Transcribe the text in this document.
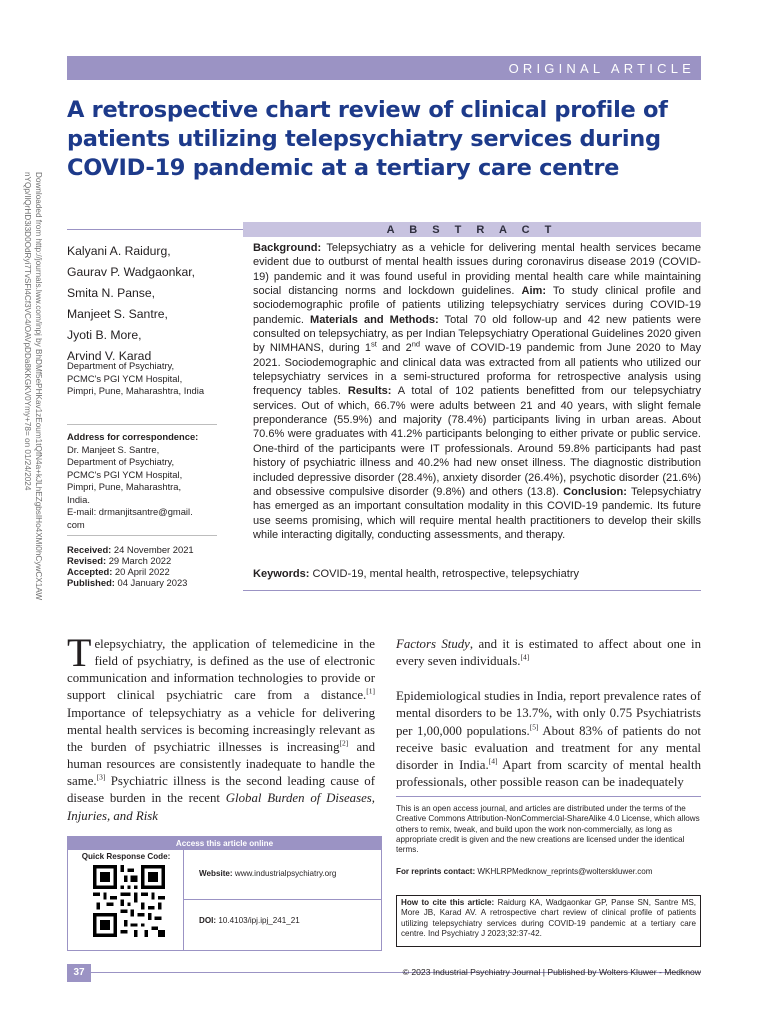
Downloaded from http://journals.lww.com/inpj by BhDMf5ePHKav1zEoum1tQfN4a+kJLhEZgbsIHo4XMi0hCywCX1AW
nYQp/IlQrHD3i3D0OdRyi7TvSFl4Cf3VC4/OAVpDDa8KKGKV0Ymy+78= on 01/24/2024
ORIGINAL ARTICLE
A retrospective chart review of clinical profile of patients utilizing telepsychiatry services during COVID-19 pandemic at a tertiary care centre
A B S T R A C T
Kalyani A. Raidurg,
Gaurav P. Wadgaonkar,
Smita N. Panse,
Manjeet S. Santre,
Jyoti B. More,
Arvind V. Karad
Department of Psychiatry,
PCMC's PGI YCM Hospital,
Pimpri, Pune, Maharashtra, India
Address for correspondence:
Dr. Manjeet S. Santre,
Department of Psychiatry,
PCMC's PGI YCM Hospital,
Pimpri, Pune, Maharashtra,
India.
E-mail: drmanjitsantre@gmail.
com
Received: 24 November 2021
Revised: 29 March 2022
Accepted: 20 April 2022
Published: 04 January 2023
Background: Telepsychiatry as a vehicle for delivering mental health services became evident due to outburst of mental health issues during coronavirus disease 2019 (COVID-19) pandemic and it was found useful in providing mental health care while maintaining social distancing norms and lockdown guidelines. Aim: To study clinical profile and sociodemographic profile of patients utilizing telepsychiatry services during COVID-19 pandemic. Materials and Methods: Total 70 old follow-up and 42 new patients were consulted on telepsychiatry, as per Indian Telepsychiatry Operational Guidelines 2020 given by NIMHANS, during 1st and 2nd wave of COVID-19 pandemic from June 2020 to May 2021. Sociodemographic and clinical data was extracted from all patients who utilized our telepsychiatry services in a semi-structured proforma for retrospective analysis using frequency tables. Results: A total of 102 patients benefitted from our telepsychiatry services. Out of which, 66.7% were adults between 21 and 40 years, with slight female preponderance (55.9%) and majority (78.4%) participants living in urban areas. About 70.6% were graduates with 41.2% participants belonging to either private or public service. One-third of the participants were IT professionals. Around 59.8% participants had past history of psychiatric illness and 40.2% had new onset illness. The diagnostic distribution included depressive disorder (28.4%), anxiety disorder (26.4%), psychotic disorder (21.6%) and obsessive compulsive disorder (9.8%) and others (13.8). Conclusion: Telepsychiatry has emerged as an important consultation modality in this COVID-19 pandemic. Its future use seems promising, which will require mental health practitioners to develop their skills while interacting digitally, conducting assessments, and therapy.
Keywords: COVID-19, mental health, retrospective, telepsychiatry
Telepsychiatry, the application of telemedicine in the field of psychiatry, is defined as the use of electronic communication and information technologies to provide or support clinical psychiatric care from a distance.[1] Importance of telepsychiatry as a vehicle for delivering mental health services is becoming increasingly relevant as the burden of psychiatric illnesses is increasing[2] and human resources are consistently inadequate to handle the same.[3] Psychiatric illness is the second leading cause of disease burden in the recent Global Burden of Diseases, Injuries, and Risk

Factors Study, and it is estimated to affect about one in every seven individuals.[4]

Epidemiological studies in India, report prevalence rates of mental disorders to be 13.7%, with only 0.75 Psychiatrists per 1,00,000 populations.[5] About 83% of patients do not receive basic evaluation and treatment for any mental disorder in India.[4] Apart from scarcity of mental health professionals, other possible reason can be inadequately

This is an open access journal, and articles are distributed under the terms of the Creative Commons Attribution-NonCommercial-ShareAlike 4.0 License, which allows others to remix, tweak, and build upon the work non-commercially, as long as appropriate credit is given and the new creations are licensed under the identical terms.
For reprints contact: WKHLRPMedknow_reprints@wolterskluwer.com
How to cite this article: Raidurg KA, Wadgaonkar GP, Panse SN, Santre MS, More JB, Karad AV. A retrospective chart review of clinical profile of patients utilizing telepsychiatry services during COVID-19 pandemic at a tertiary care centre. Ind Psychiatry J 2023;32:37-42.
Access this article online
Quick Response Code:
Website: www.industrialpsychiatry.org
DOI: 10.4103/ipj.ipj_241_21
37	© 2023 Industrial Psychiatry Journal | Published by Wolters Kluwer - Medknow
